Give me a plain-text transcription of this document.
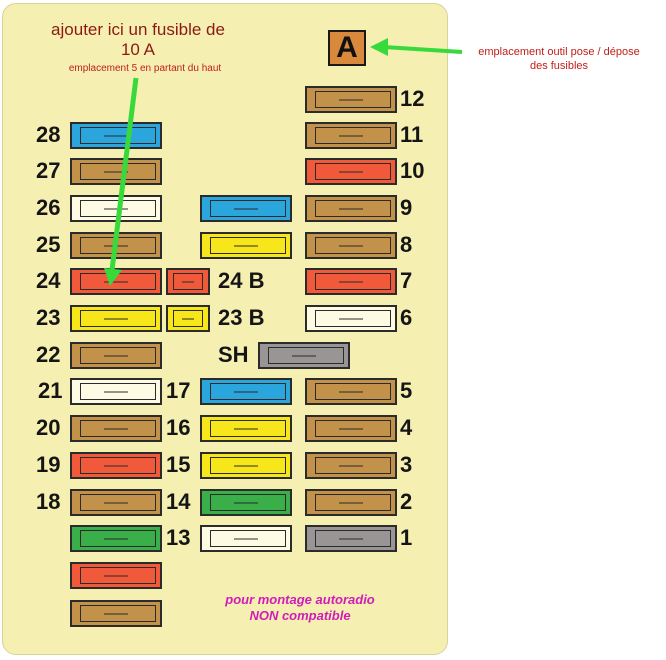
ajouter ici un fusible de
10 A
emplacement 5 en partant du haut
A	emplacement outil pose / dépose
des fusibles
pour montage autoradio
NON compatible
28
27
26
25
24
23
22
21
20
19
18
24 B
23 B
17
16
15
14
13
SH
12
11
10
9
8
7
6
5
4
3
2
1
